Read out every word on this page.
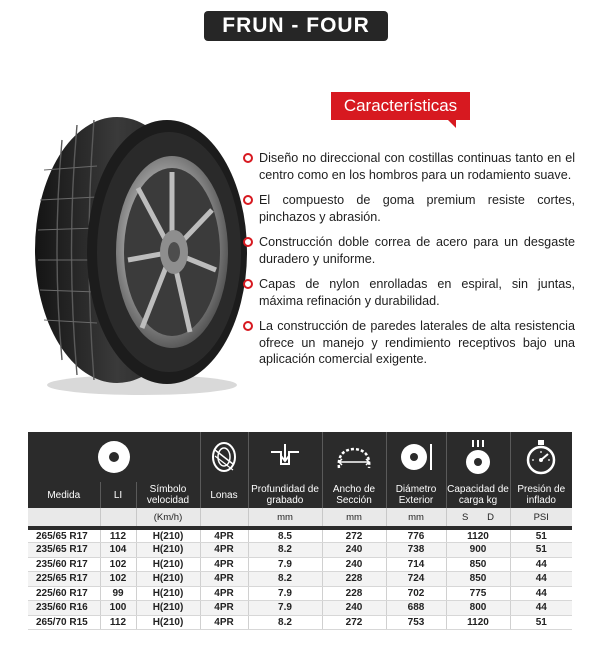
FRUN - FOUR
Características
Diseño no direccional con costillas continuas tanto en el centro como en los hombros para un rodamiento suave.
El compuesto de goma premium resiste cortes, pinchazos y abrasión.
Construcción doble correa de acero para un desgaste duradero y uniforme.
Capas de nylon enrolladas en espiral, sin juntas, máxima refinación y durabilidad.
La construcción de paredes laterales de alta resistencia ofrece un manejo y rendimiento receptivos bajo una aplicación comercial exigente.

Medida	LI	Símbolo velocidad	Lonas	Profundidad de grabado	Ancho de Sección	Diámetro Exterior	Capacidad de carga kg	Presión de inflado
		(Km/h)		mm	mm	mm	S D	PSI
265/65 R17	112	H(210)	4PR	8.5	272	776	1120	51
235/65 R17	104	H(210)	4PR	8.2	240	738	900	51
235/60 R17	102	H(210)	4PR	7.9	240	714	850	44
225/65 R17	102	H(210)	4PR	8.2	228	724	850	44
225/60 R17	99	H(210)	4PR	7.9	228	702	775	44
235/60 R16	100	H(210)	4PR	7.9	240	688	800	44
265/70 R15	112	H(210)	4PR	8.2	272	753	1120	51
